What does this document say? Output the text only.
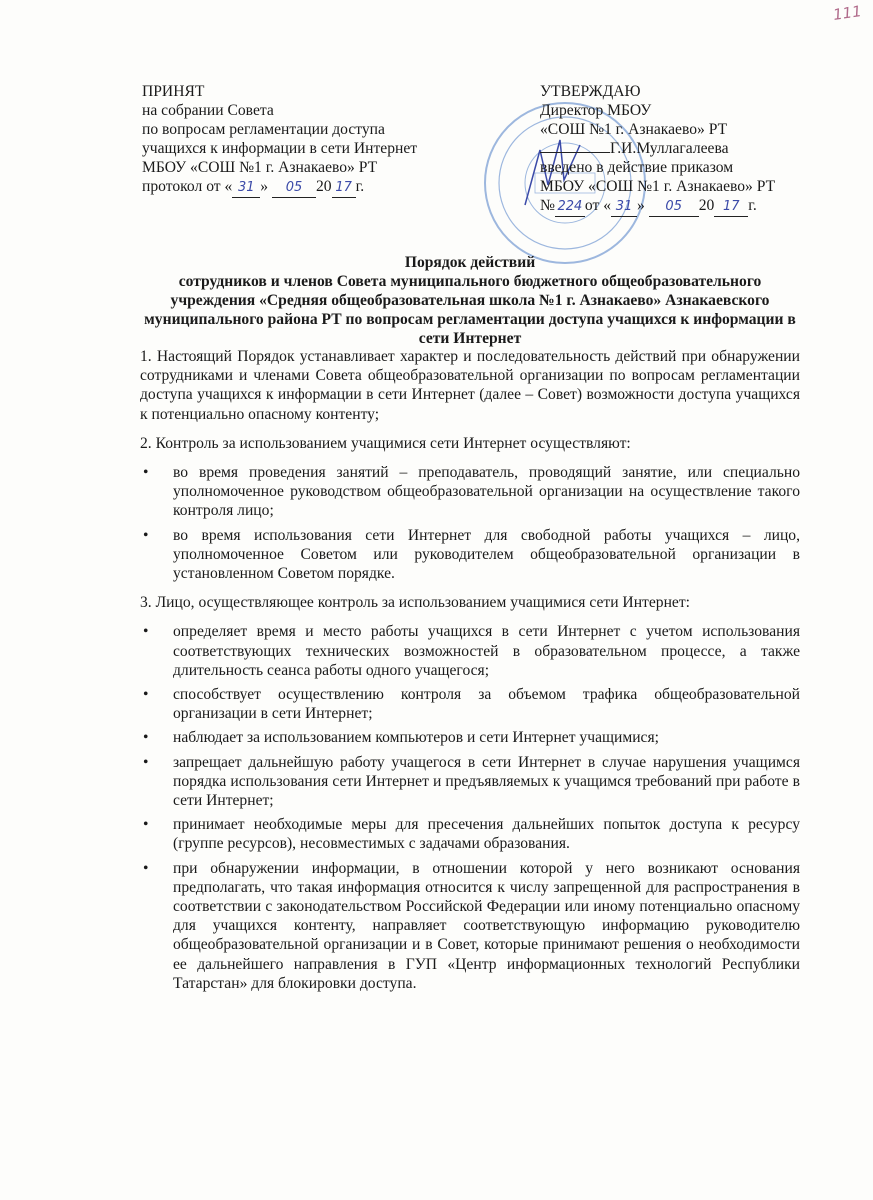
111
ПРИНЯТ
на собрании Совета
по вопросам регламентации доступа
учащихся к информации в сети Интернет
МБОУ «СОШ №1 г. Азнакаево» РТ
протокол от « 31 » 05 20 17 г.
УТВЕРЖДАЮ
Директор МБОУ
«СОШ №1 г. Азнакаево» РТ
Г.И.Муллагалеева
введено в действие приказом
МБОУ «СОШ №1 г. Азнакаево» РТ
№ 224 от « 31 » 05 20 17 г.
Порядок действий
сотрудников и членов Совета муниципального бюджетного общеобразовательного учреждения «Средняя общеобразовательная школа №1 г. Азнакаево» Азнакаевского муниципального района РТ по вопросам регламентации доступа учащихся к информации в сети Интернет

1. Настоящий Порядок устанавливает характер и последовательность действий при обнаружении сотрудниками и членами Совета общеобразовательной организации по вопросам регламентации доступа учащихся к информации в сети Интернет (далее – Совет) возможности доступа учащихся к потенциально опасному контенту;

2. Контроль за использованием учащимися сети Интернет осуществляют:

• во время проведения занятий – преподаватель, проводящий занятие, или специально уполномоченное руководством общеобразовательной организации на осуществление такого контроля лицо;
• во время использования сети Интернет для свободной работы учащихся – лицо, уполномоченное Советом или руководителем общеобразовательной организации в установленном Советом порядке.

3. Лицо, осуществляющее контроль за использованием учащимися сети Интернет:

• определяет время и место работы учащихся в сети Интернет с учетом использования соответствующих технических возможностей в образовательном процессе, а также длительность сеанса работы одного учащегося;
• способствует осуществлению контроля за объемом трафика общеобразовательной организации в сети Интернет;
• наблюдает за использованием компьютеров и сети Интернет учащимися;
• запрещает дальнейшую работу учащегося в сети Интернет в случае нарушения учащимся порядка использования сети Интернет и предъявляемых к учащимся требований при работе в сети Интернет;
• принимает необходимые меры для пресечения дальнейших попыток доступа к ресурсу (группе ресурсов), несовместимых с задачами образования.
• при обнаружении информации, в отношении которой у него возникают основания предполагать, что такая информация относится к числу запрещенной для распространения в соответствии с законодательством Российской Федерации или иному потенциально опасному для учащихся контенту, направляет соответствующую информацию руководителю общеобразовательной организации и в Совет, которые принимают решения о необходимости ее дальнейшего направления в ГУП «Центр информационных технологий Республики Татарстан» для блокировки доступа.
